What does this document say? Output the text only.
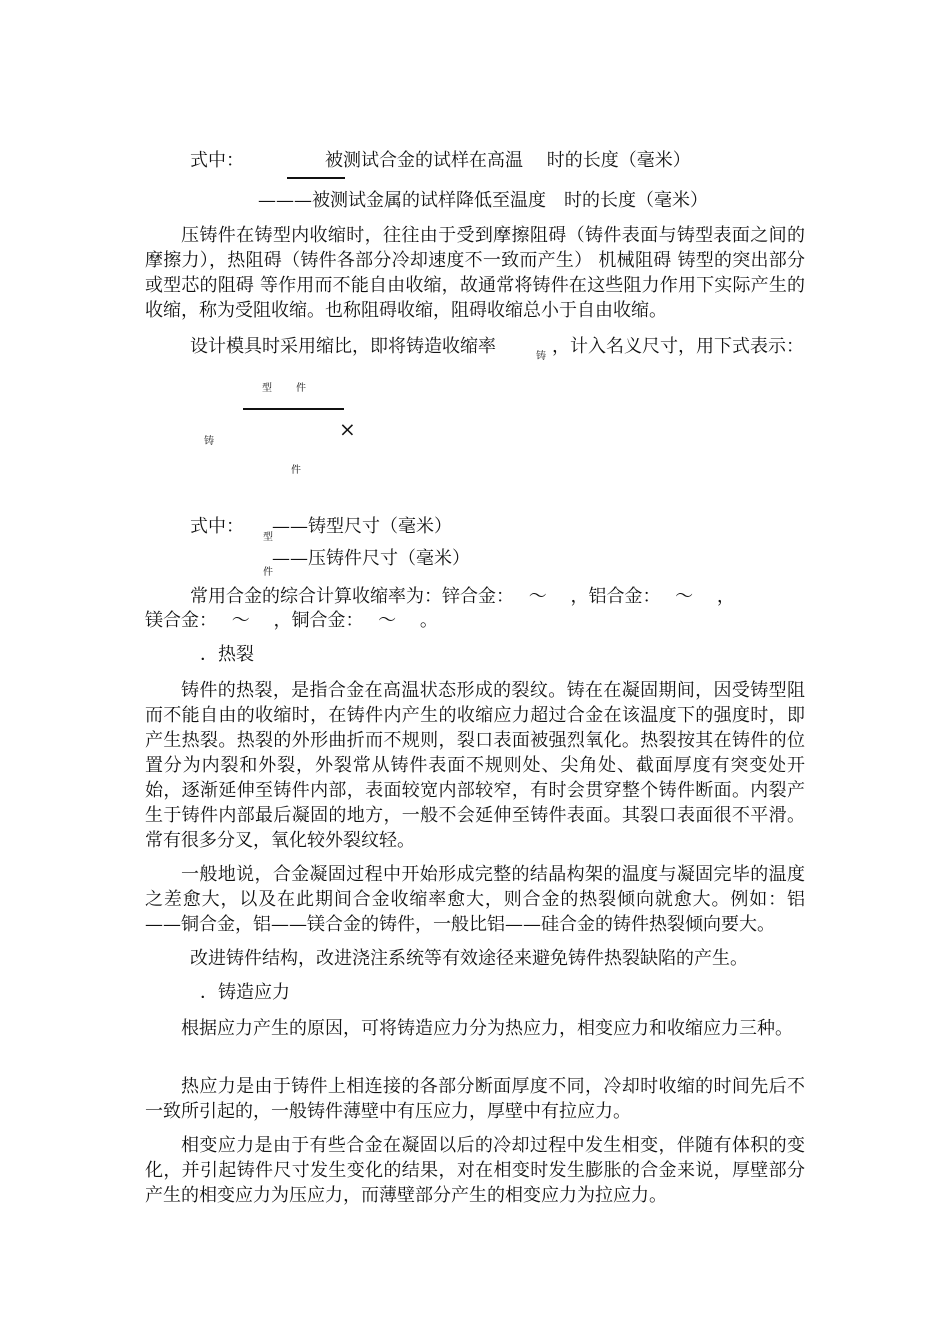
式中：	被测试合金的试样在高温　 时的长度（毫米）
———被测试金属的试样降低至温度　时的长度（毫米）

压铸件在铸型内收缩时，往往由于受到摩擦阻碍（铸件表面与铸型表面之间的摩擦力），热阻碍（铸件各部分冷却速度不一致而产生） 机械阻碍 铸型的突出部分或型芯的阻碍 等作用而不能自由收缩，故通常将铸件在这些阻力作用下实际产生的收缩，称为受阻收缩。也称阻碍收缩，阻碍收缩总小于自由收缩。

设计模具时采用缩比，即将铸造收缩率	铸 ，计入名义尺寸，用下式表示：
型 件
×
铸
件
式中：
型
——铸型尺寸（毫米）
件
——压铸件尺寸（毫米）
常用合金的综合计算收缩率为：锌合金：　 ～　 ，铝合金：　 ～　 ，
镁合金：　 ～　 ，铜合金：　 ～　 。
．热裂

铸件的热裂，是指合金在高温状态形成的裂纹。铸在在凝固期间，因受铸型阻而不能自由的收缩时，在铸件内产生的收缩应力超过合金在该温度下的强度时，即产生热裂。热裂的外形曲折而不规则，裂口表面被强烈氧化。热裂按其在铸件的位置分为内裂和外裂，外裂常从铸件表面不规则处、尖角处、截面厚度有突变处开始，逐渐延伸至铸件内部，表面较宽内部较窄，有时会贯穿整个铸件断面。内裂产生于铸件内部最后凝固的地方，一般不会延伸至铸件表面。其裂口表面很不平滑。常有很多分叉，氧化较外裂纹轻。

一般地说，合金凝固过程中开始形成完整的结晶构架的温度与凝固完毕的温度之差愈大，以及在此期间合金收缩率愈大，则合金的热裂倾向就愈大。例如：铝——铜合金，铝——镁合金的铸件，一般比铝——硅合金的铸件热裂倾向要大。

改进铸件结构，改进浇注系统等有效途径来避免铸件热裂缺陷的产生。
．铸造应力

根据应力产生的原因，可将铸造应力分为热应力，相变应力和收缩应力三种。

热应力是由于铸件上相连接的各部分断面厚度不同，冷却时收缩的时间先后不一致所引起的，一般铸件薄壁中有压应力，厚壁中有拉应力。

相变应力是由于有些合金在凝固以后的冷却过程中发生相变，伴随有体积的变化，并引起铸件尺寸发生变化的结果，对在相变时发生膨胀的合金来说，厚壁部分产生的相变应力为压应力，而薄壁部分产生的相变应力为拉应力。
